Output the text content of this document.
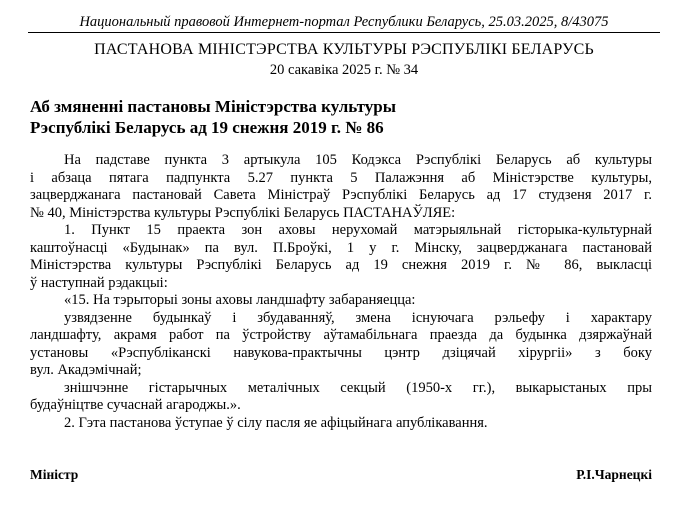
Национальный правовой Интернет-портал Республики Беларусь, 25.03.2025, 8/43075
ПАСТАНОВА МІНІСТЭРСТВА КУЛЬТУРЫ РЭСПУБЛІКІ БЕЛАРУСЬ
20 сакавіка 2025 г. № 34
Аб змяненні пастановы Міністэрства культуры
Рэспублікі Беларусь ад 19 снежня 2019 г. № 86
На падставе пункта 3 артыкула 105 Кодэкса Рэспублікі Беларусь аб культуры
і абзаца пятага падпункта 5.27 пункта 5 Палажэння аб Міністэрстве культуры,
зацверджанага пастановай Савета Міністраў Рэспублікі Беларусь ад 17 студзеня 2017 г.
№ 40, Міністэрства культуры Рэспублікі Беларусь ПАСТАНАЎЛЯЕ:
1. Пункт 15 праекта зон аховы нерухомай матэрыяльнай гісторыка-культурнай
каштоўнасці «Будынак» па вул. П.Броўкі, 1 у г. Мінску, зацверджанага пастановай
Міністэрства культуры Рэспублікі Беларусь ад 19 снежня 2019 г. № 86, выкласці
ў наступнай рэдакцыі:
«15. На тэрыторыі зоны аховы ландшафту забараняецца:
узвядзенне будынкаў і збудаванняў, змена існуючага рэльефу і характару
ландшафту, акрамя работ па ўстройству аўтамабільнага праезда да будынка дзяржаўнай
установы «Рэспубліканскі навукова-практычны цэнтр дзіцячай хірургіі» з боку
вул. Акадэмічнай;
знішчэнне гістарычных металічных секцый (1950-х гг.), выкарыстаных пры
будаўніцтве сучаснай агароджы.».
2. Гэта пастанова ўступае ў сілу пасля яе афіцыйнага апублікавання.
Міністр	Р.І.Чарнецкі
